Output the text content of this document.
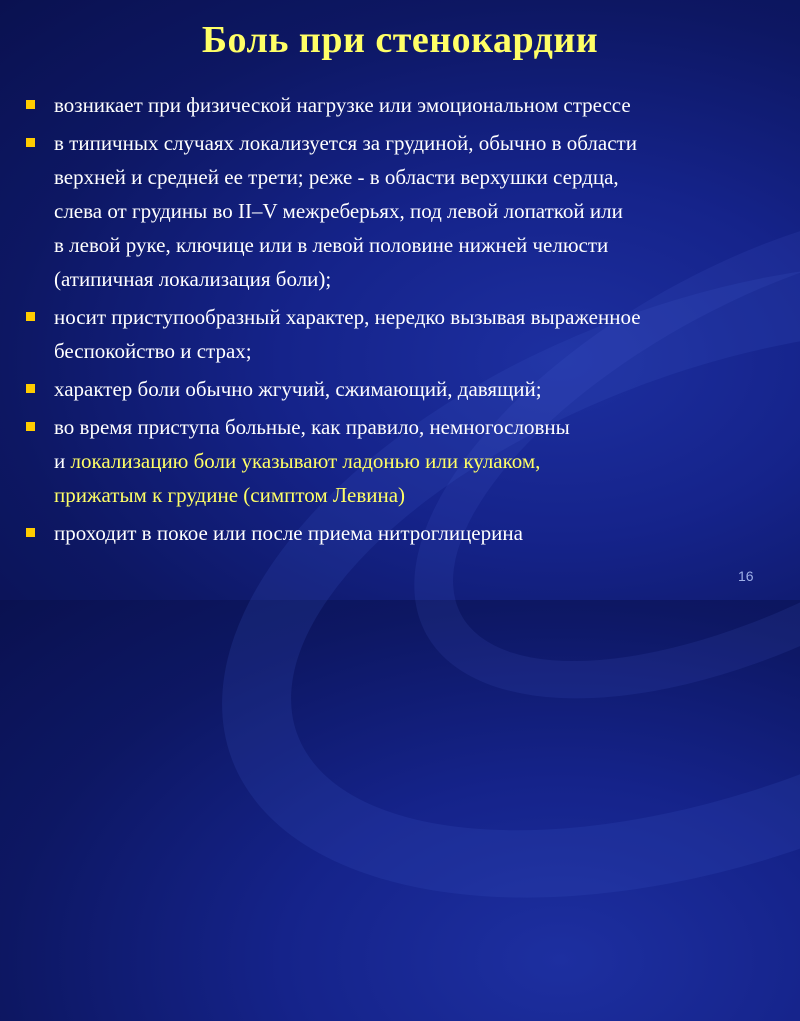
Боль при стенокардии
возникает при физической нагрузке или эмоциональном стрессе
в типичных случаях локализуется за грудиной, обычно в области
верхней и средней ее трети; реже - в области верхушки сердца,
слева от грудины во II–V межреберьях, под левой лопаткой или
в левой руке, ключице или в левой половине нижней челюсти
(атипичная локализация боли);
носит приступообразный характер, нередко вызывая выраженное
беспокойство и страх;
характер боли обычно жгучий, сжимающий, давящий;
во время приступа больные, как правило, немногословны
и локализацию боли указывают ладонью или кулаком,
прижатым к грудине (симптом Левина)
проходит в покое или после приема нитроглицерина
16
